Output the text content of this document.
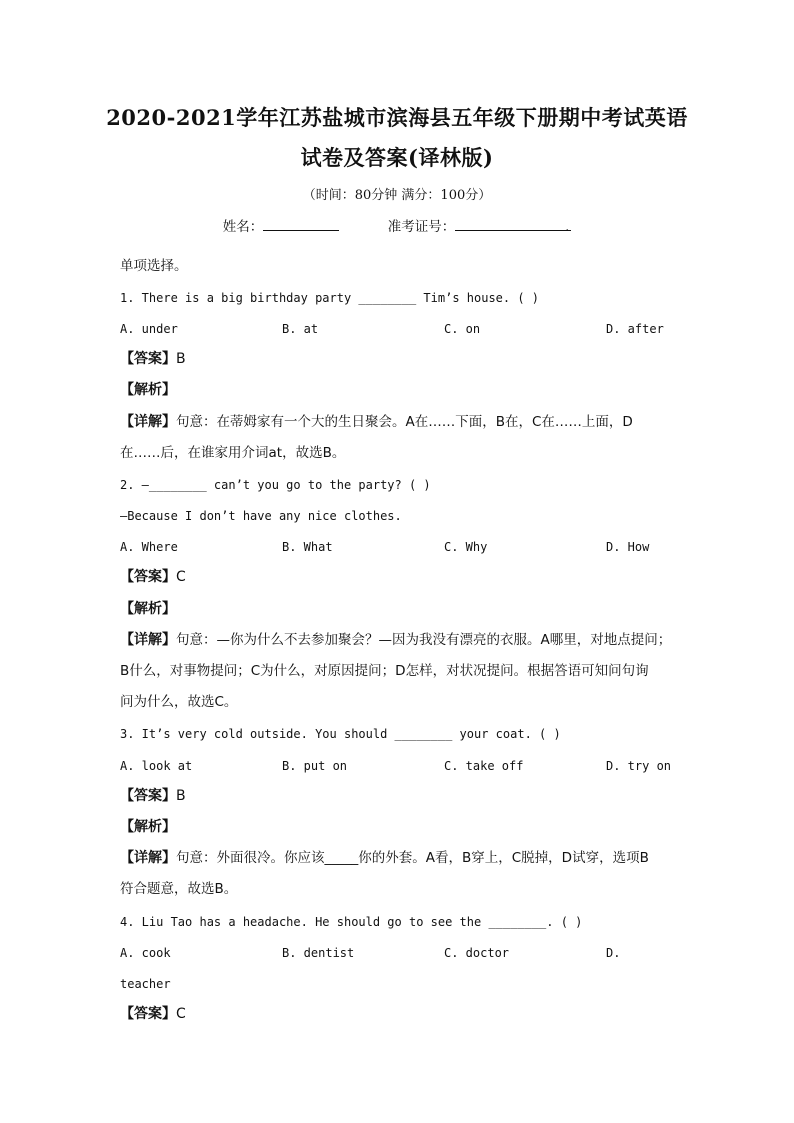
2020-2021学年江苏盐城市滨海县五年级下册期中考试英语
试卷及答案(译林版)
（时间：80分钟 满分：100分）
姓名：	准考证号：	.
单项选择。
1. There is a big birthday party ________ Tim’s house. ( )
A. under	B. at	C. on	D. after
【答案】B
【解析】
【详解】句意：在蒂姆家有一个大的生日聚会。A在……下面，B在，C在……上面，D
在……后，在谁家用介词at，故选B。
2. —________ can’t you go to the party? ( )
—Because I don’t have any nice clothes.
A. Where	B. What	C. Why	D. How
【答案】C
【解析】
【详解】句意：—你为什么不去参加聚会？—因为我没有漂亮的衣服。A哪里，对地点提问；
B什么，对事物提问；C为什么，对原因提问；D怎样，对状况提问。根据答语可知问句询
问为什么，故选C。
3. It’s very cold outside. You should ________ your coat. ( )
A. look at	B. put on	C. take off	D. try on
【答案】B
【解析】
【详解】句意：外面很冷。你应该_____你的外套。A看，B穿上，C脱掉，D试穿，选项B
符合题意，故选B。
4. Liu Tao has a headache. He should go to see the ________. ( )
A. cook	B. dentist	C. doctor	D.
teacher
【答案】C
